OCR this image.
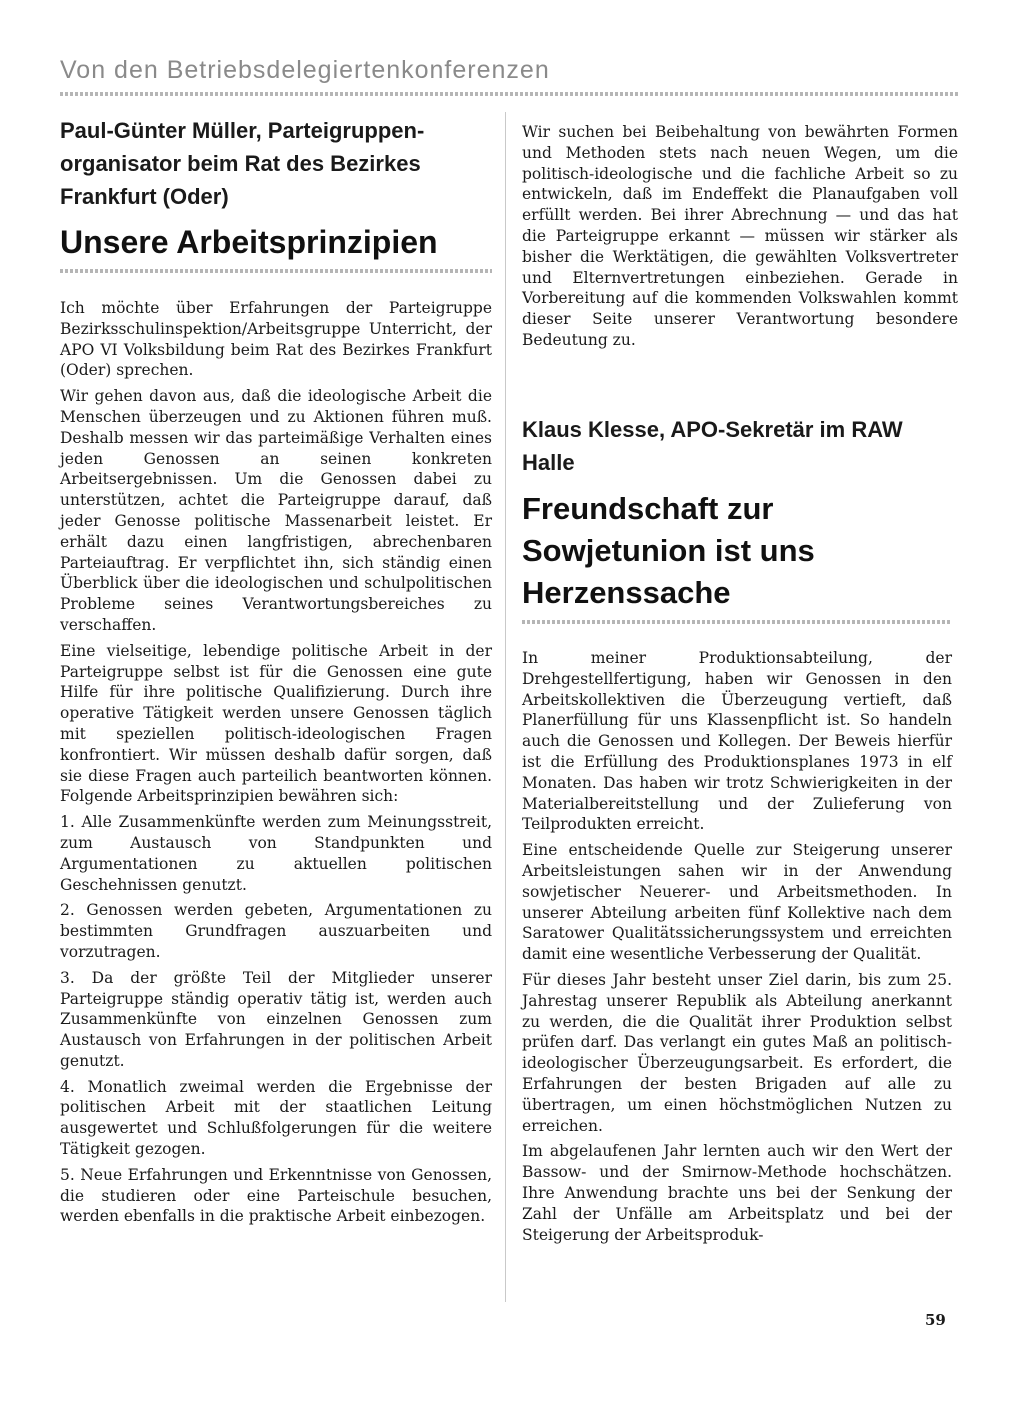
Von den Betriebsdelegiertenkonferenzen
Paul-Günter Müller, Parteigruppen-organisator beim Rat des Bezirkes Frankfurt (Oder)
Unsere Arbeitsprinzipien

Ich möchte über Erfahrungen der Parteigruppe Bezirksschulinspektion/Arbeitsgruppe Unterricht, der APO VI Volksbildung beim Rat des Bezirkes Frankfurt (Oder) sprechen.

Wir gehen davon aus, daß die ideologische Arbeit die Menschen überzeugen und zu Aktionen führen muß. Deshalb messen wir das parteimäßige Verhalten eines jeden Genossen an seinen konkreten Arbeitsergebnissen. Um die Genossen dabei zu unterstützen, achtet die Parteigruppe darauf, daß jeder Genosse politische Massenarbeit leistet. Er erhält dazu einen langfristigen, abrechenbaren Parteiauftrag. Er verpflichtet ihn, sich ständig einen Überblick über die ideologischen und schulpolitischen Probleme seines Verantwortungsbereiches zu verschaffen.

Eine vielseitige, lebendige politische Arbeit in der Parteigruppe selbst ist für die Genossen eine gute Hilfe für ihre politische Qualifizierung. Durch ihre operative Tätigkeit werden unsere Genossen täglich mit speziellen politisch-ideologischen Fragen konfrontiert. Wir müssen deshalb dafür sorgen, daß sie diese Fragen auch parteilich beantworten können. Folgende Arbeitsprinzipien bewähren sich:

1. Alle Zusammenkünfte werden zum Meinungsstreit, zum Austausch von Standpunkten und Argumentationen zu aktuellen politischen Geschehnissen genutzt.

2. Genossen werden gebeten, Argumentationen zu bestimmten Grundfragen auszuarbeiten und vorzutragen.

3. Da der größte Teil der Mitglieder unserer Parteigruppe ständig operativ tätig ist, werden auch Zusammenkünfte von einzelnen Genossen zum Austausch von Erfahrungen in der politischen Arbeit genutzt.

4. Monatlich zweimal werden die Ergebnisse der politischen Arbeit mit der staatlichen Leitung ausgewertet und Schlußfolgerungen für die weitere Tätigkeit gezogen.

5. Neue Erfahrungen und Erkenntnisse von Genossen, die studieren oder eine Parteischule besuchen, werden ebenfalls in die praktische Arbeit einbezogen.

Wir suchen bei Beibehaltung von bewährten Formen und Methoden stets nach neuen Wegen, um die politisch-ideologische und die fachliche Arbeit so zu entwickeln, daß im Endeffekt die Planaufgaben voll erfüllt werden. Bei ihrer Abrechnung — und das hat die Parteigruppe erkannt — müssen wir stärker als bisher die Werktätigen, die gewählten Volksvertreter und Elternvertretungen einbeziehen. Gerade in Vorbereitung auf die kommenden Volkswahlen kommt dieser Seite unserer Verantwortung besondere Bedeutung zu.

Klaus Klesse, APO-Sekretär im RAW Halle
Freundschaft zur Sowjetunion ist uns Herzenssache

In meiner Produktionsabteilung, der Drehgestellfertigung, haben wir Genossen in den Arbeitskollektiven die Überzeugung vertieft, daß Planerfüllung für uns Klassenpflicht ist. So handeln auch die Genossen und Kollegen. Der Beweis hierfür ist die Erfüllung des Produktionsplanes 1973 in elf Monaten. Das haben wir trotz Schwierigkeiten in der Materialbereitstellung und der Zulieferung von Teilprodukten erreicht.

Eine entscheidende Quelle zur Steigerung unserer Arbeitsleistungen sahen wir in der Anwendung sowjetischer Neuerer- und Arbeitsmethoden. In unserer Abteilung arbeiten fünf Kollektive nach dem Saratower Qualitätssicherungssystem und erreichten damit eine wesentliche Verbesserung der Qualität.

Für dieses Jahr besteht unser Ziel darin, bis zum 25. Jahrestag unserer Republik als Abteilung anerkannt zu werden, die die Qualität ihrer Produktion selbst prüfen darf. Das verlangt ein gutes Maß an politisch-ideologischer Überzeugungsarbeit. Es erfordert, die Erfahrungen der besten Brigaden auf alle zu übertragen, um einen höchstmöglichen Nutzen zu erreichen.

Im abgelaufenen Jahr lernten auch wir den Wert der Bassow- und der Smirnow-Methode hochschätzen. Ihre Anwendung brachte uns bei der Senkung der Zahl der Unfälle am Arbeitsplatz und bei der Steigerung der Arbeitsproduk-

59
